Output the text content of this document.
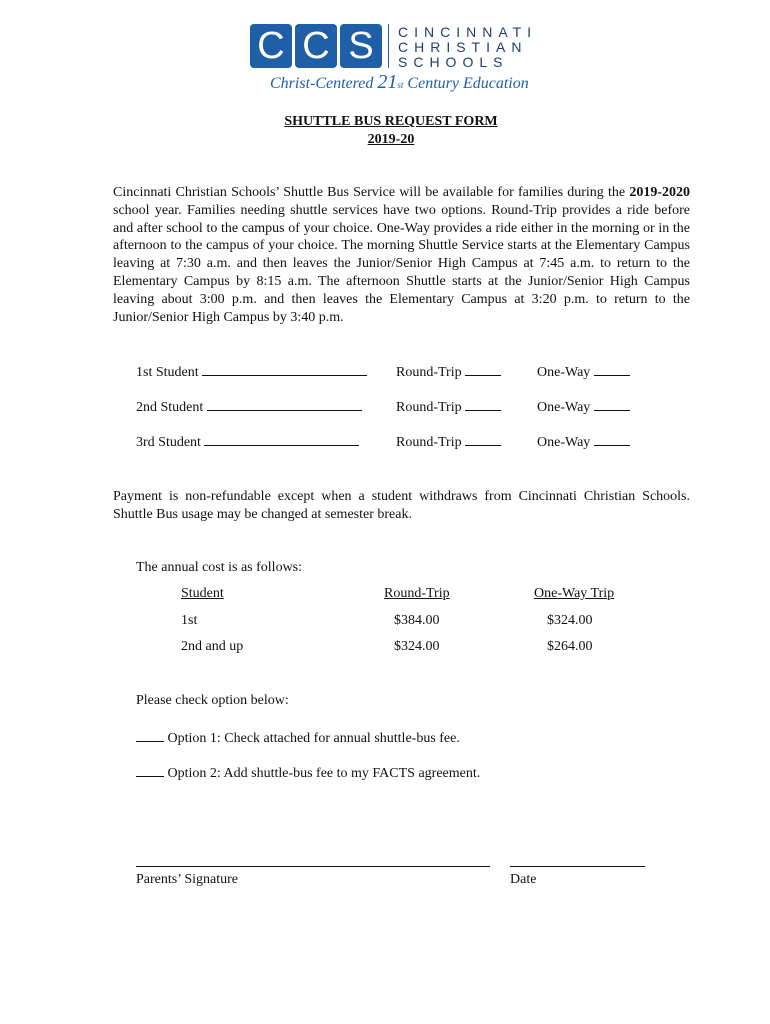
C C S	CINCINNATI
CHRISTIAN
SCHOOLS
Christ-Centered 21st Century Education
SHUTTLE BUS REQUEST FORM
2019-20

Cincinnati Christian Schools’ Shuttle Bus Service will be available for families during the 2019-2020 school year. Families needing shuttle services have two options. Round-Trip provides a ride before and after school to the campus of your choice. One-Way provides a ride either in the morning or in the afternoon to the campus of your choice. The morning Shuttle Service starts at the Elementary Campus leaving at 7:30 a.m. and then leaves the Junior/Senior High Campus at 7:45 a.m. to return to the Elementary Campus by 8:15 a.m. The afternoon Shuttle starts at the Junior/Senior High Campus leaving about 3:00 p.m. and then leaves the Elementary Campus at 3:20 p.m. to return to the Junior/Senior High Campus by 3:40 p.m.

1st Student	Round-Trip	One-Way
2nd Student	Round-Trip	One-Way
3rd Student	Round-Trip	One-Way

Payment is non-refundable except when a student withdraws from Cincinnati Christian Schools. Shuttle Bus usage may be changed at semester break.

The annual cost is as follows:
Student	Round-Trip	One-Way Trip
1st	$384.00	$324.00
2nd and up	$324.00	$264.00
Please check option below:
Option 1: Check attached for annual shuttle-bus fee.
Option 2: Add shuttle-bus fee to my FACTS agreement.
Parents’ Signature	Date
